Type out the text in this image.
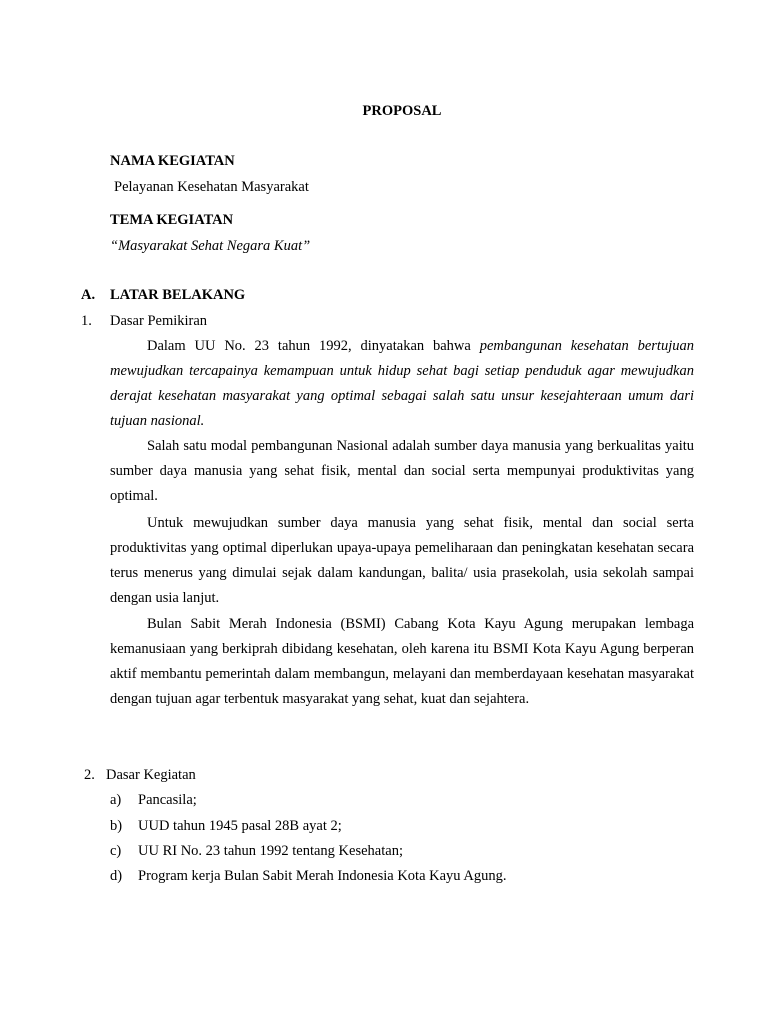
PROPOSAL
NAMA KEGIATAN
Pelayanan Kesehatan Masyarakat
TEMA KEGIATAN
“Masyarakat Sehat Negara Kuat”
A. LATAR BELAKANG
1. Dasar Pemikiran
Dalam UU No. 23 tahun 1992, dinyatakan bahwa pembangunan kesehatan bertujuan mewujudkan tercapainya kemampuan untuk hidup sehat bagi setiap penduduk agar mewujudkan derajat kesehatan masyarakat yang optimal sebagai salah satu unsur kesejahteraan umum dari tujuan nasional.
Salah satu modal pembangunan Nasional adalah sumber daya manusia yang berkualitas yaitu sumber daya manusia yang sehat fisik, mental dan social serta mempunyai produktivitas yang optimal.
Untuk mewujudkan sumber daya manusia yang sehat fisik, mental dan social serta produktivitas yang optimal diperlukan upaya-upaya pemeliharaan dan peningkatan kesehatan secara terus menerus yang dimulai sejak dalam kandungan, balita/ usia prasekolah, usia sekolah sampai dengan usia lanjut.
Bulan Sabit Merah Indonesia (BSMI) Cabang Kota Kayu Agung merupakan lembaga kemanusiaan yang berkiprah dibidang kesehatan, oleh karena itu BSMI Kota Kayu Agung berperan aktif membantu pemerintah dalam membangun, melayani dan memberdayaan kesehatan masyarakat dengan tujuan agar terbentuk masyarakat yang sehat, kuat dan sejahtera.
2. Dasar Kegiatan
a) Pancasila;
b) UUD tahun 1945 pasal 28B ayat 2;
c) UU RI No. 23 tahun 1992 tentang Kesehatan;
d) Program kerja Bulan Sabit Merah Indonesia Kota Kayu Agung.
